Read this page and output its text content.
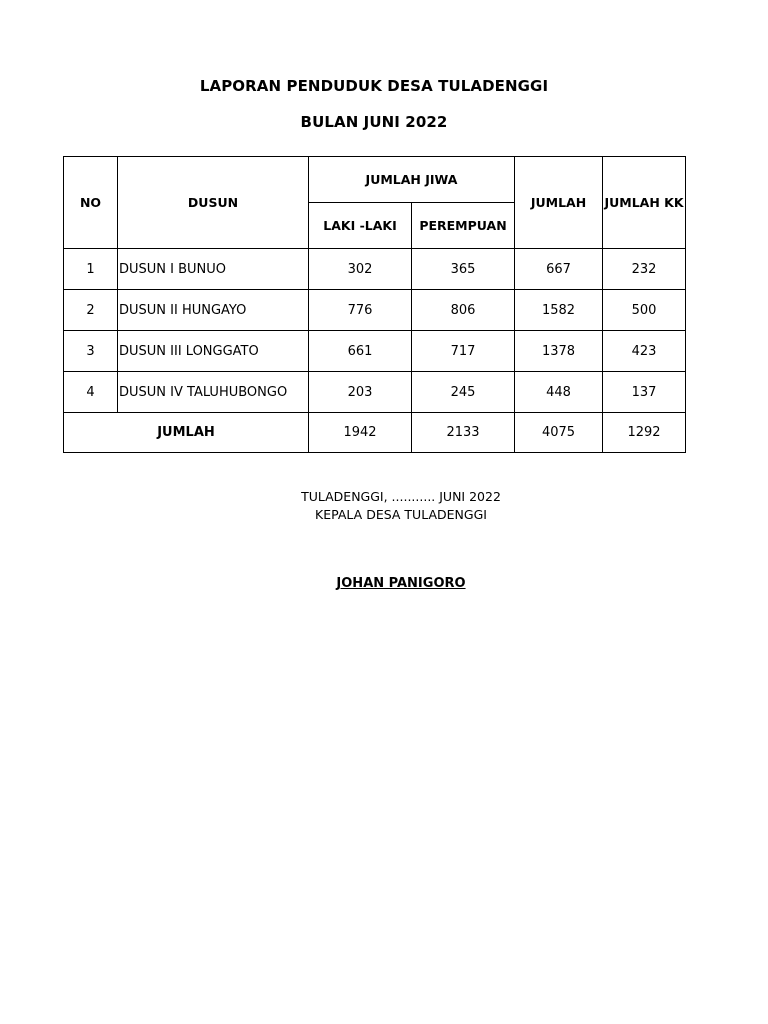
LAPORAN PENDUDUK DESA TULADENGGI
BULAN JUNI 2022
NO	DUSUN	JUMLAH JIWA		JUMLAH	JUMLAH KK
		LAKI -LAKI	PEREMPUAN		
1	DUSUN I BUNUO	302	365	667	232
2	DUSUN II HUNGAYO	776	806	1582	500
3	DUSUN III LONGGATO	661	717	1378	423
4	DUSUN IV TALUHUBONGO	203	245	448	137
JUMLAH		1942	2133	4075	1292
TULADENGGI, ........... JUNI 2022
KEPALA DESA TULADENGGI
JOHAN PANIGORO
